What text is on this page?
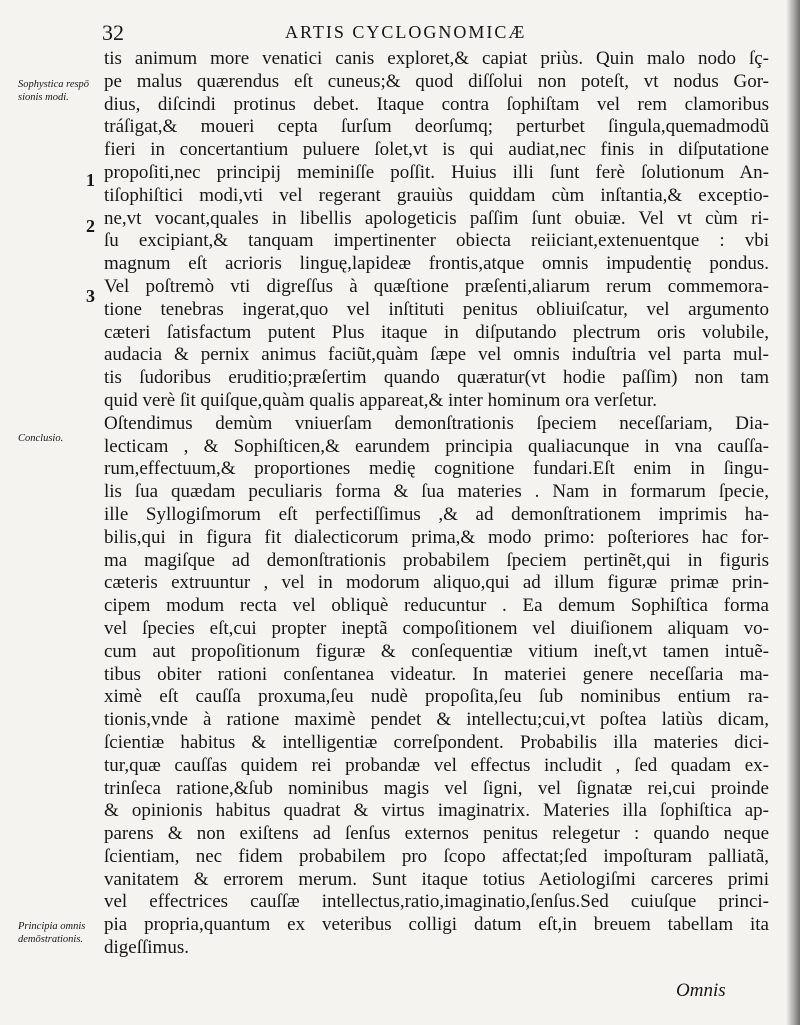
32	ARTIS CYCLOGNOMICÆ
Sophystica respō
sionis modi.
Conclusio.
Principia omnis
demōstrationis.
1
2
3
tis animum more venatici canis exploret,& capiat priùs. Quin malo nodo ſç-
pe malus quærendus eſt cuneus;& quod diſſolui non poteſt, vt nodus Gor-
dius, diſcindi protinus debet. Itaque contra ſophiſtam vel rem clamoribus
tráſigat,& moueri cepta ſurſum deorſumq; perturbet ſingula,quemadmodũ
fieri in concertantium puluere ſolet,vt is qui audiat,nec finis in diſputatione
propoſiti,nec principij meminiſſe poſſit. Huius illi ſunt ferè ſolutionum An-
tiſophiſtici modi,vti vel regerant grauiùs quiddam cùm inſtantia,& exceptio-
ne,vt vocant,quales in libellis apologeticis paſſim ſunt obuiæ. Vel vt cùm ri-
ſu excipiant,& tanquam impertinenter obiecta reiiciant,extenuentque : vbi
magnum eſt acrioris linguę,lapideæ frontis,atque omnis impudentię pondus.
Vel poſtremò vti digreſſus à quæſtione præſenti,aliarum rerum commemora-
tione tenebras ingerat,quo vel inſtituti penitus obliuiſcatur, vel argumento
cæteri ſatisfactum putent Plus itaque in diſputando plectrum oris volubile,
audacia & pernix animus faciũt,quàm ſæpe vel omnis induſtria vel parta mul-
tis ſudoribus eruditio;præſertim quando quæratur(vt hodie paſſim) non tam
quid verè ſit quiſque,quàm qualis appareat,& inter hominum ora verſetur.
Oſtendimus demùm vniuerſam demonſtrationis ſpeciem neceſſariam, Dia-
lecticam , & Sophiſticen,& earundem principia qualiacunque in vna cauſſa-
rum,effectuum,& proportiones medię cognitione fundari.Eſt enim in ſingu-
lis ſua quædam peculiaris forma & ſua materies . Nam in formarum ſpecie,
ille Syllogiſmorum eſt perfectiſſimus ,& ad demonſtrationem imprimis ha-
bilis,qui in figura fit dialecticorum prima,& modo primo: poſteriores hac for-
ma magiſque ad demonſtrationis probabilem ſpeciem pertinẽt,qui in figuris
cæteris extruuntur , vel in modorum aliquo,qui ad illum figuræ primæ prin-
cipem modum recta vel obliquè reducuntur . Ea demum Sophiſtica forma
vel ſpecies eſt,cui propter ineptã compoſitionem vel diuiſionem aliquam vo-
cum aut propoſitionum figuræ & conſequentiæ vitium ineſt,vt tamen intuẽ-
tibus obiter rationi conſentanea videatur. In materiei genere neceſſaria ma-
ximè eſt cauſſa proxuma,ſeu nudè propoſita,ſeu ſub nominibus entium ra-
tionis,vnde à ratione maximè pendet & intellectu;cui,vt poſtea latiùs dicam,
ſcientiæ habitus & intelligentiæ correſpondent. Probabilis illa materies dici-
tur,quæ cauſſas quidem rei probandæ vel effectus includit , ſed quadam ex-
trinſeca ratione,&ſub nominibus magis vel ſigni, vel ſignatæ rei,cui proinde
& opinionis habitus quadrat & virtus imaginatrix. Materies illa ſophiſtica ap-
parens & non exiſtens ad ſenſus externos penitus relegetur : quando neque
ſcientiam, nec fidem probabilem pro ſcopo affectat;ſed impoſturam palliatã,
vanitatem & errorem merum. Sunt itaque totius Aetiologiſmi carceres primi
vel effectrices cauſſæ intellectus,ratio,imaginatio,ſenſus.Sed cuiuſque princi-
pia propria,quantum ex veteribus colligi datum eſt,in breuem tabellam ita
digeſſimus.
Omnis
